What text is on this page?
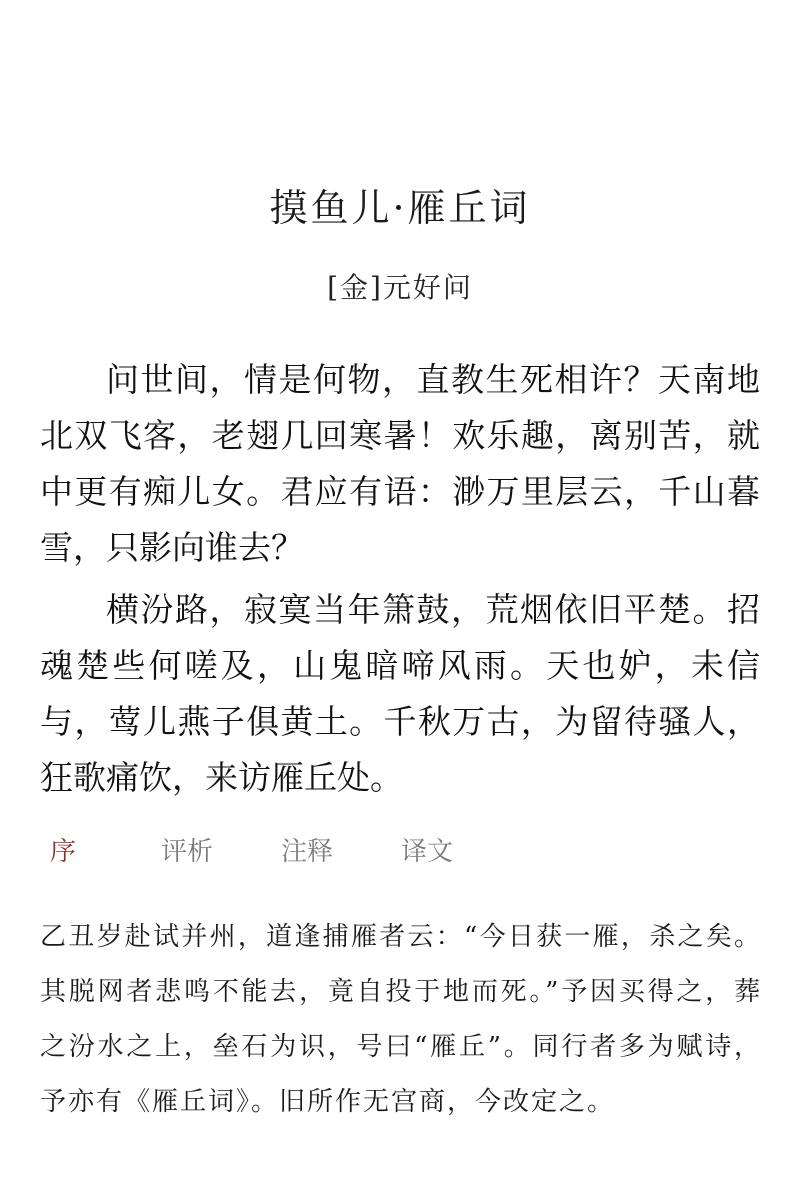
摸鱼儿·雁丘词
[金]元好问

问世间，情是何物，直教生死相许？天南地北双飞客，老翅几回寒暑！欢乐趣，离别苦，就中更有痴儿女。君应有语：渺万里层云，千山暮雪，只影向谁去？

横汾路，寂寞当年箫鼓，荒烟依旧平楚。招魂楚些何嗟及，山鬼暗啼风雨。天也妒，未信与，莺儿燕子俱黄土。千秋万古，为留待骚人，狂歌痛饮，来访雁丘处。

序	评析	注释	译文

乙丑岁赴试并州，道逢捕雁者云：“今日获一雁，杀之矣。其脱网者悲鸣不能去，竟自投于地而死。”予因买得之，葬之汾水之上，垒石为识，号曰“雁丘”。同行者多为赋诗，予亦有《雁丘词》。旧所作无宫商，今改定之。
